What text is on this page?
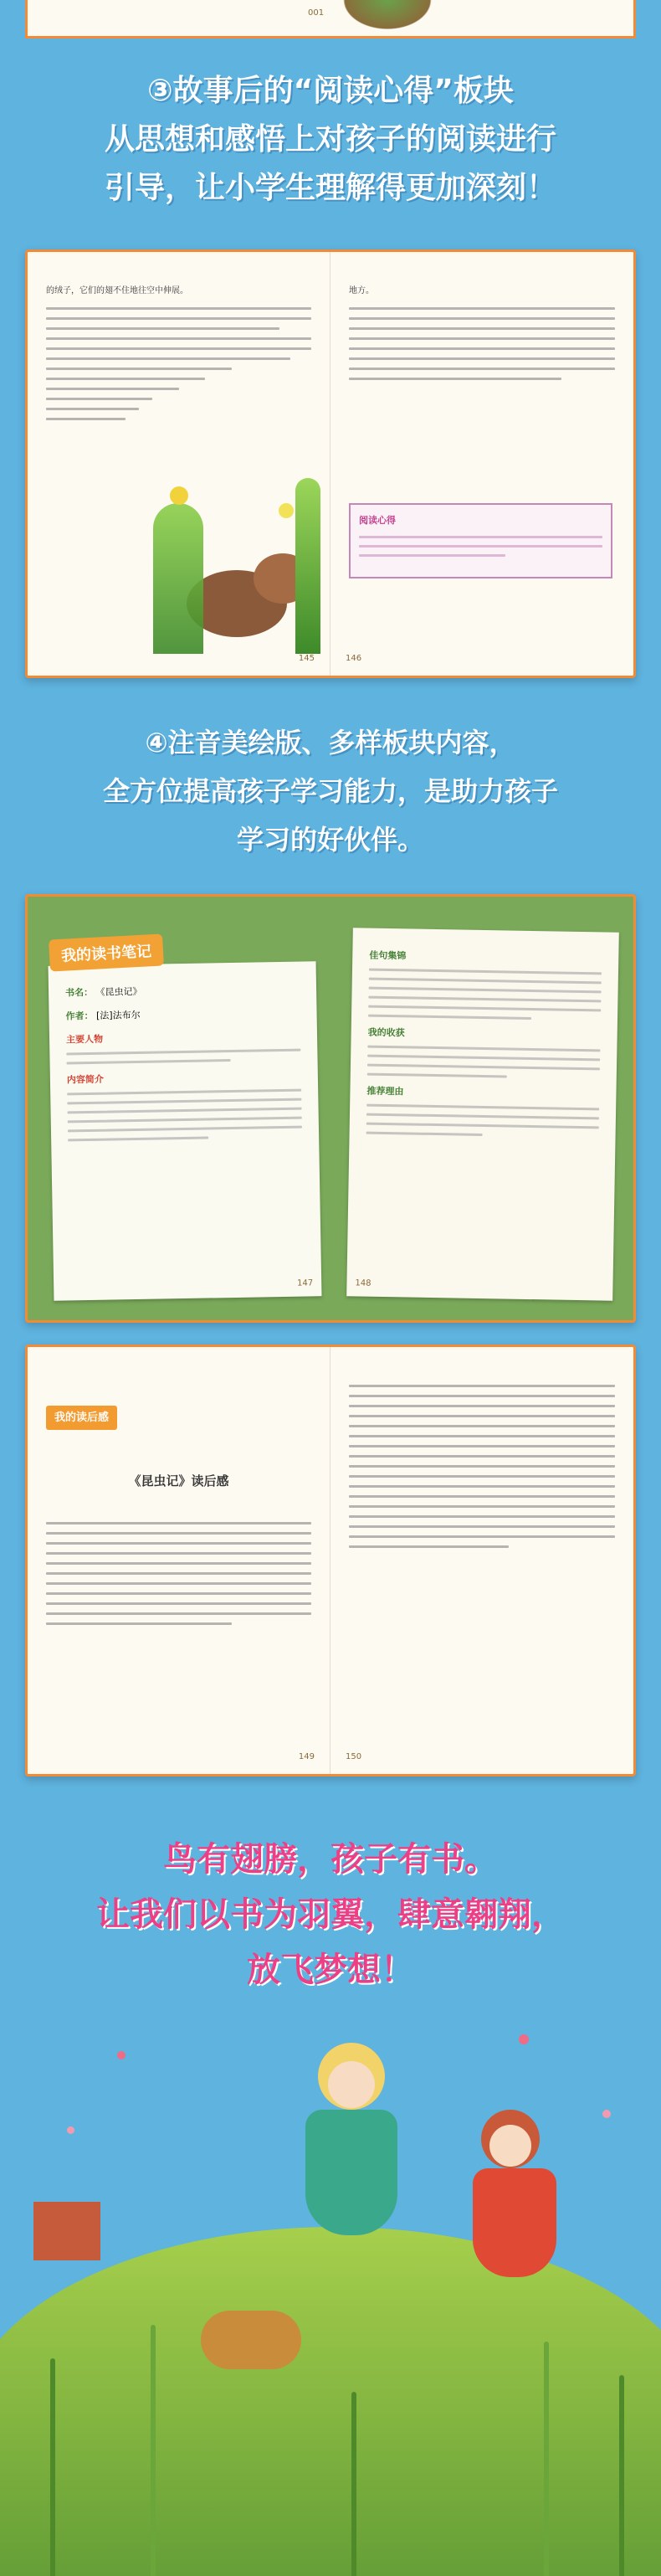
001
③故事后的“阅读心得”板块
从思想和感悟上对孩子的阅读进行
引导，让小学生理解得更加深刻！
的绒子，它们的翅不住地往空中伸展。
145
地方。
阅读心得
146
④注音美绘版、多样板块内容，
全方位提高孩子学习能力，是助力孩子
学习的好伙伴。
书名： 《昆虫记》
作者： [法]法布尔
主要人物
内容简介
147
我的读书笔记	佳句集锦
我的收获
推荐理由
148
我的读后感
《昆虫记》读后感
149	150
鸟有翅膀，孩子有书。
让我们以书为羽翼，肆意翱翔，
放飞梦想！
